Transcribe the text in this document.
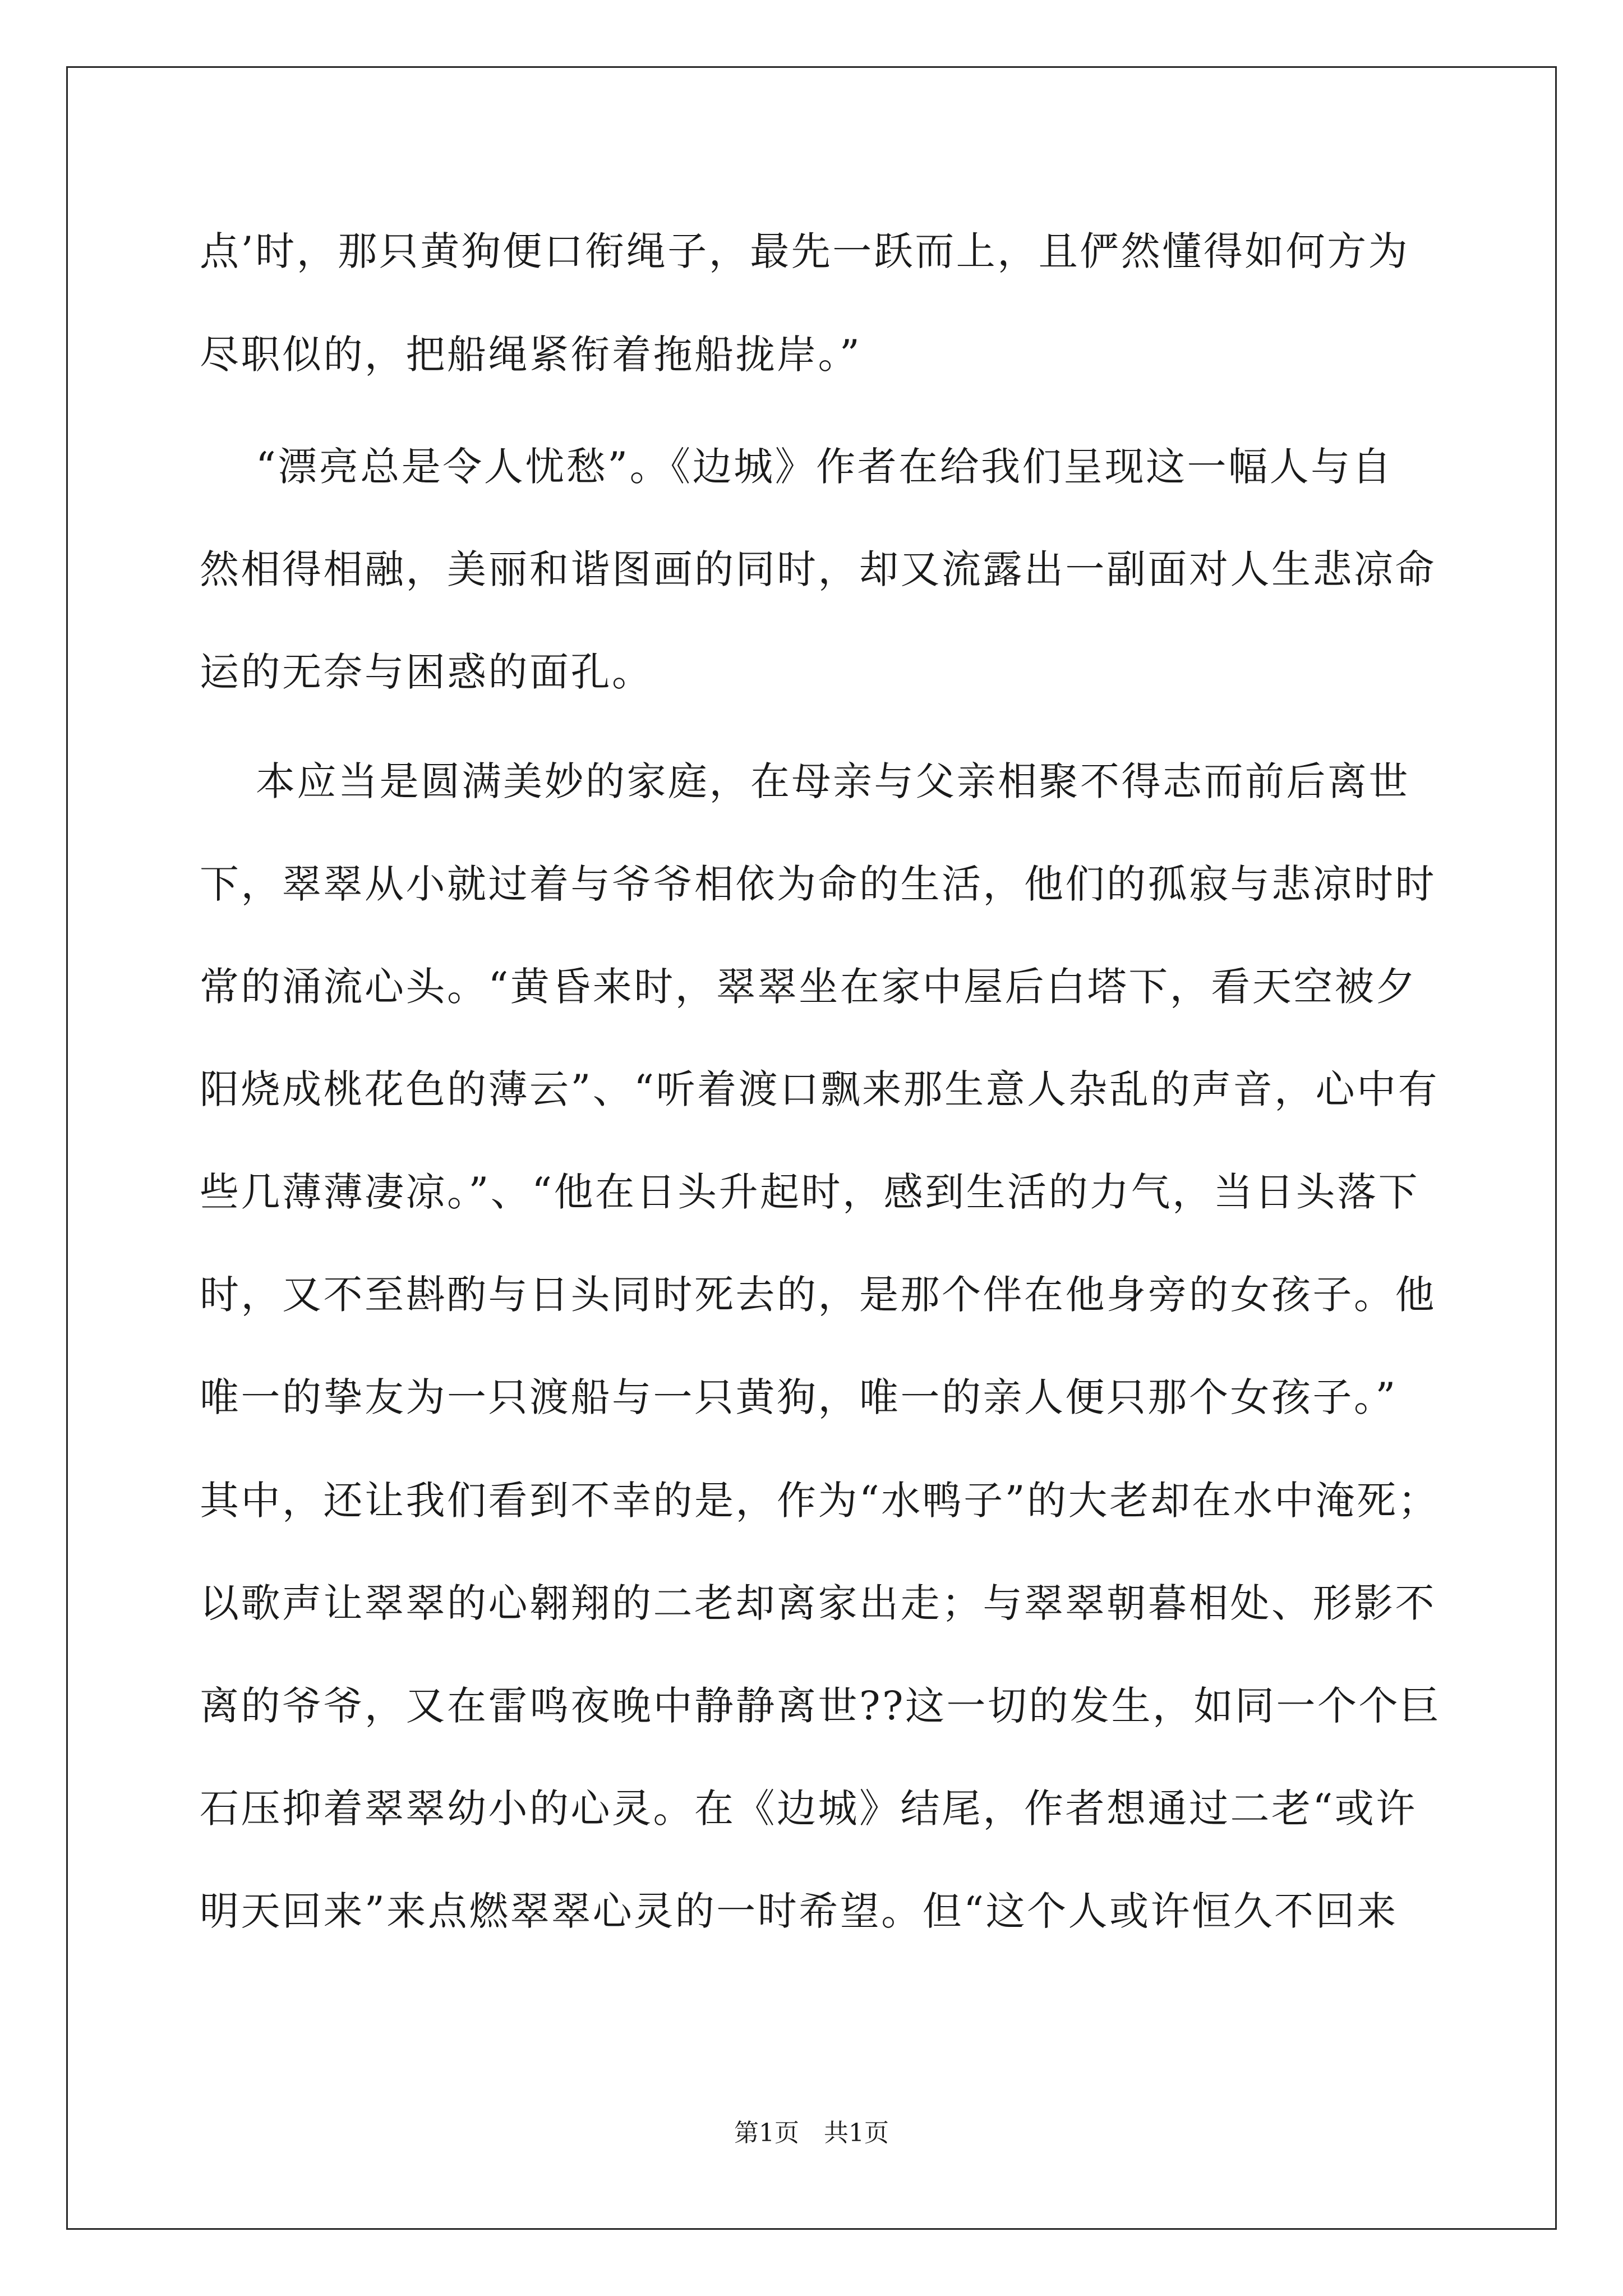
点’时，那只黄狗便口衔绳子，最先一跃而上，且俨然懂得如何方为
尽职似的，把船绳紧衔着拖船拢岸。”
“漂亮总是令人忧愁”。《边城》作者在给我们呈现这一幅人与自
然相得相融，美丽和谐图画的同时，却又流露出一副面对人生悲凉命
运的无奈与困惑的面孔。
本应当是圆满美妙的家庭，在母亲与父亲相聚不得志而前后离世
下，翠翠从小就过着与爷爷相依为命的生活，他们的孤寂与悲凉时时
常的涌流心头。“黄昏来时，翠翠坐在家中屋后白塔下，看天空被夕
阳烧成桃花色的薄云”、“听着渡口飘来那生意人杂乱的声音，心中有
些几薄薄凄凉。”、“他在日头升起时，感到生活的力气，当日头落下
时，又不至斟酌与日头同时死去的，是那个伴在他身旁的女孩子。他
唯一的挚友为一只渡船与一只黄狗，唯一的亲人便只那个女孩子。”
其中，还让我们看到不幸的是，作为“水鸭子”的大老却在水中淹死；
以歌声让翠翠的心翱翔的二老却离家出走；与翠翠朝暮相处、形影不
离的爷爷，又在雷鸣夜晚中静静离世??这一切的发生，如同一个个巨
石压抑着翠翠幼小的心灵。在《边城》结尾，作者想通过二老“或许
明天回来”来点燃翠翠心灵的一时希望。但“这个人或许恒久不回来
第1页　共1页
